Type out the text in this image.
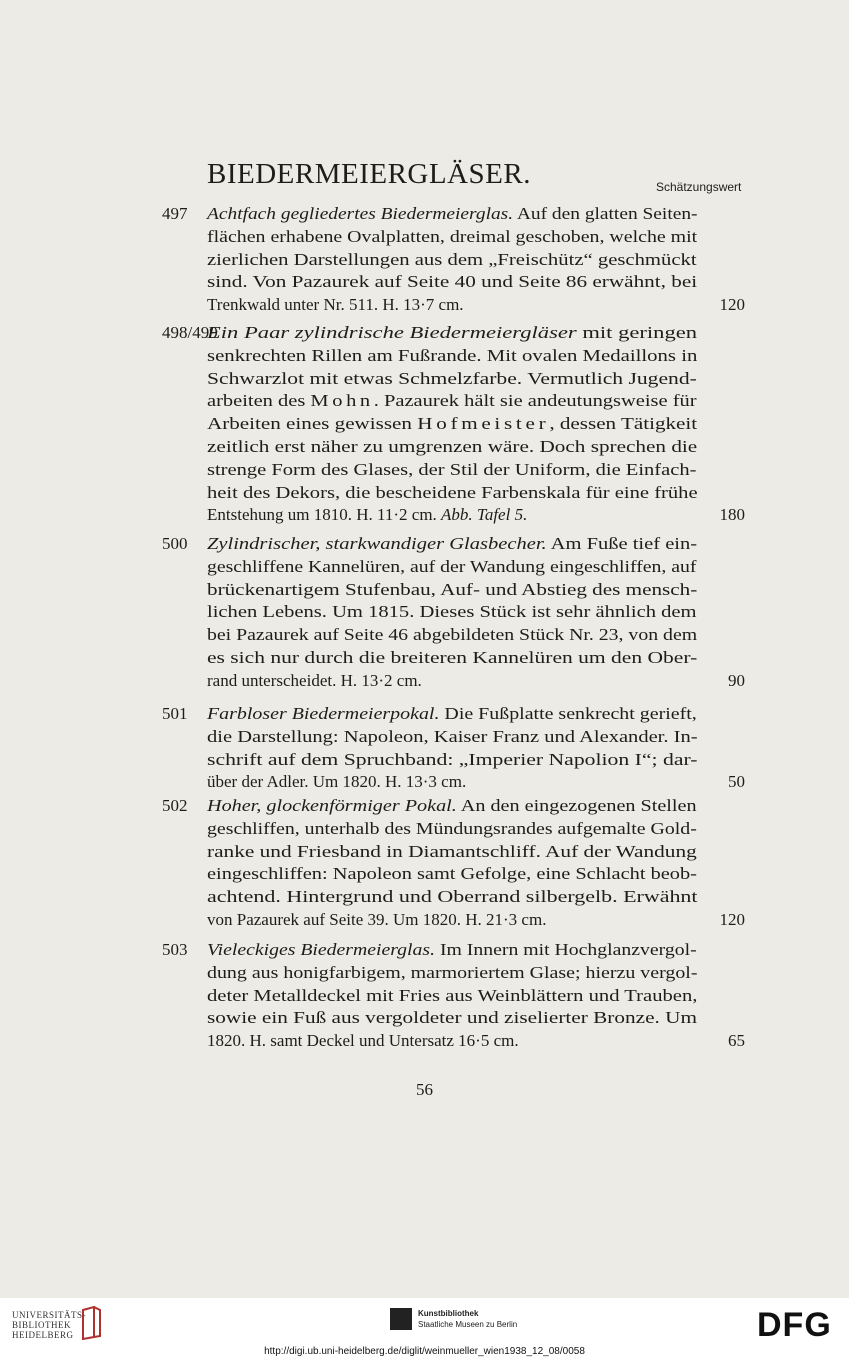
BIEDERMEIERGLÄSER.	Schätzungswert
497 Achtfach gegliedertes Biedermeierglas. Auf den glatten Seiten-
flächen erhabene Ovalplatten, dreimal geschoben, welche mit
zierlichen Darstellungen aus dem „Freischütz“ geschmückt
sind. Von Pazaurek auf Seite 40 und Seite 86 erwähnt, bei
Trenkwald unter Nr. 511. H. 13·7 cm.	120
498/499
Ein Paar zylindrische Biedermeiergläser mit geringen
senkrechten Rillen am Fußrande. Mit ovalen Medaillons in
Schwarzlot mit etwas Schmelzfarbe. Vermutlich Jugend-
arbeiten des Mohn. Pazaurek hält sie andeutungsweise für
Arbeiten eines gewissen Hofmeister, dessen Tätigkeit
zeitlich erst näher zu umgrenzen wäre. Doch sprechen die
strenge Form des Glases, der Stil der Uniform, die Einfach-
heit des Dekors, die bescheidene Farbenskala für eine frühe
Entstehung um 1810. H. 11·2 cm. Abb. Tafel 5.	180
500 Zylindrischer, starkwandiger Glasbecher. Am Fuße tief ein-
geschliffene Kannelüren, auf der Wandung eingeschliffen, auf
brückenartigem Stufenbau, Auf- und Abstieg des mensch-
lichen Lebens. Um 1815. Dieses Stück ist sehr ähnlich dem
bei Pazaurek auf Seite 46 abgebildeten Stück Nr. 23, von dem
es sich nur durch die breiteren Kannelüren um den Ober-
rand unterscheidet. H. 13·2 cm.	90
501 Farbloser Biedermeierpokal. Die Fußplatte senkrecht gerieft,
die Darstellung: Napoleon, Kaiser Franz und Alexander. In-
schrift auf dem Spruchband: „Imperier Napolion I“; dar-
über der Adler. Um 1820. H. 13·3 cm.	50
502 Hoher, glockenförmiger Pokal. An den eingezogenen Stellen
geschliffen, unterhalb des Mündungsrandes aufgemalte Gold-
ranke und Friesband in Diamantschliff. Auf der Wandung
eingeschliffen: Napoleon samt Gefolge, eine Schlacht beob-
achtend. Hintergrund und Oberrand silbergelb. Erwähnt
von Pazaurek auf Seite 39. Um 1820. H. 21·3 cm.	120
503 Vieleckiges Biedermeierglas. Im Innern mit Hochglanzvergol-
dung aus honigfarbigem, marmoriertem Glase; hierzu vergol-
deter Metalldeckel mit Fries aus Weinblättern und Trauben,
sowie ein Fuß aus vergoldeter und ziselierter Bronze. Um
1820. H. samt Deckel und Untersatz 16·5 cm.	65
56
UNIVERSITÄTS-
BIBLIOTHEK
HEIDELBERG
Kunstbibliothek
Staatliche Museen zu Berlin	DFG
http://digi.ub.uni-heidelberg.de/diglit/weinmueller_wien1938_12_08/0058
